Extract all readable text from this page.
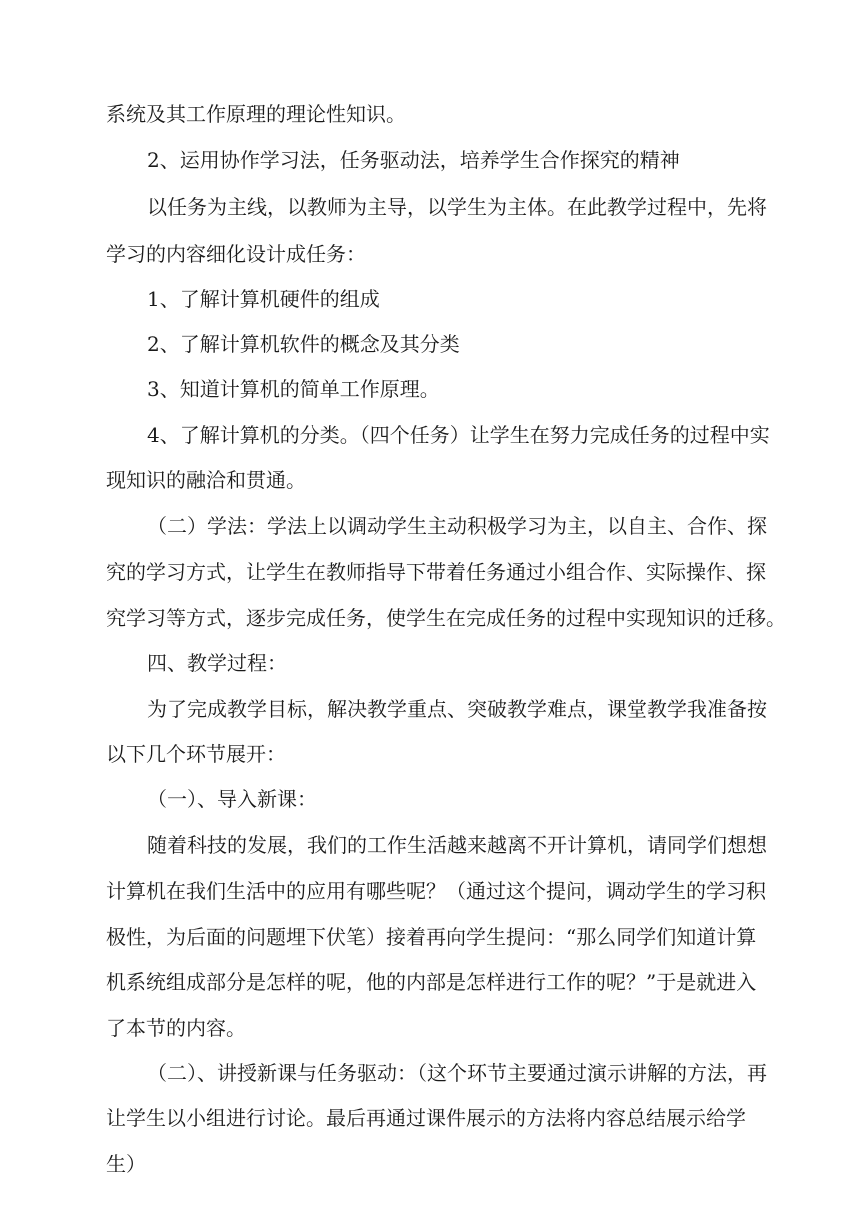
系统及其工作原理的理论性知识。
2、运用协作学习法，任务驱动法，培养学生合作探究的精神
以任务为主线，以教师为主导，以学生为主体。在此教学过程中，先将
学习的内容细化设计成任务：
1、了解计算机硬件的组成
2、了解计算机软件的概念及其分类
3、知道计算机的简单工作原理。
4、了解计算机的分类。（四个任务）让学生在努力完成任务的过程中实
现知识的融洽和贯通。
（二）学法：学法上以调动学生主动积极学习为主，以自主、合作、探
究的学习方式，让学生在教师指导下带着任务通过小组合作、实际操作、探
究学习等方式，逐步完成任务，使学生在完成任务的过程中实现知识的迁移。
四、教学过程：
为了完成教学目标，解决教学重点、突破教学难点，课堂教学我准备按
以下几个环节展开：
（一）、导入新课：
随着科技的发展，我们的工作生活越来越离不开计算机，请同学们想想
计算机在我们生活中的应用有哪些呢？（通过这个提问，调动学生的学习积
极性，为后面的问题埋下伏笔）接着再向学生提问：“那么同学们知道计算
机系统组成部分是怎样的呢，他的内部是怎样进行工作的呢？”于是就进入
了本节的内容。
（二）、讲授新课与任务驱动：（这个环节主要通过演示讲解的方法，再
让学生以小组进行讨论。最后再通过课件展示的方法将内容总结展示给学
生）
